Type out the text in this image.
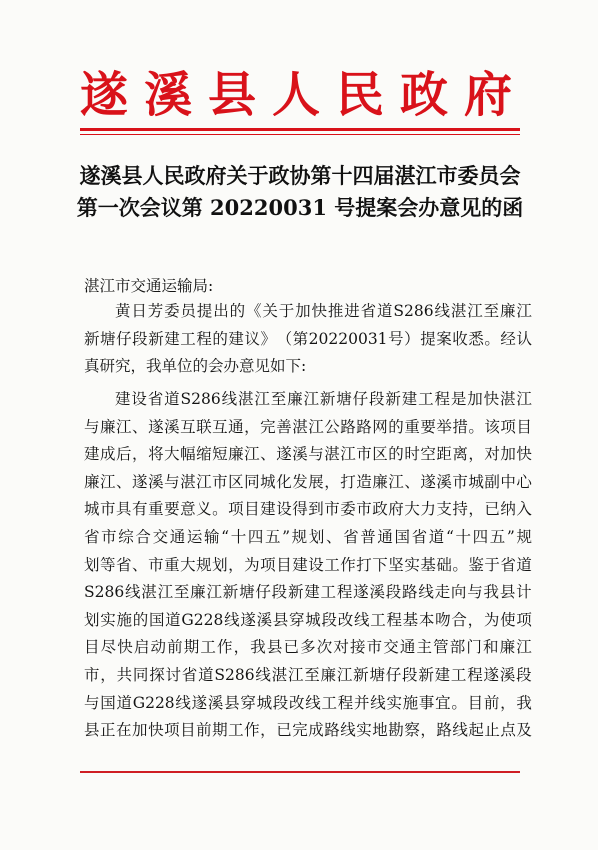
遂溪县人民政府
遂溪县人民政府关于政协第十四届湛江市委员会
第一次会议第 20220031 号提案会办意见的函
湛江市交通运输局:
黄 日 芳 委 员 提 出 的 《 关 于 加 快 推 进 省 道 S286 线 湛 江 至 廉 江
新 塘 仔 段 新 建 工 程 的 建 议 》 （ 第 20220031 号 ） 提 案 收 悉 。 经 认
真研究，我单位的会办意见如下:
建 设 省 道 S286 线 湛 江 至 廉 江 新 塘 仔 段 新 建 工 程 是 加 快 湛 江
与 廉 江 、 遂 溪 互 联 互 通 ， 完 善 湛 江 公 路 路 网 的 重 要 举 措 。 该 项 目
建 成 后 ， 将 大 幅 缩 短 廉 江 、 遂 溪 与 湛 江 市 区 的 时 空 距 离 ， 对 加 快
廉 江 、 遂 溪 与 湛 江 市 区 同 城 化 发 展 ， 打 造 廉 江 、 遂 溪 市 城 副 中 心
城 市 具 有 重 要 意 义 。 项 目 建 设 得 到 市 委 市 政 府 大 力 支 持 ， 已 纳 入
省 市 综 合 交 通 运 输 “ 十 四 五 ” 规 划 、 省 普 通 国 省 道 “ 十 四 五 ” 规
划 等 省 、 市 重 大 规 划 ， 为 项 目 建 设 工 作 打 下 坚 实 基 础 。 鉴 于 省 道
S286 线 湛 江 至 廉 江 新 塘 仔 段 新 建 工 程 遂 溪 段 路 线 走 向 与 我 县 计
划 实 施 的 国 道 G228 线 遂 溪 县 穿 城 段 改 线 工 程 基 本 吻 合 ， 为 使 项
目 尽 快 启 动 前 期 工 作 ， 我 县 已 多 次 对 接 市 交 通 主 管 部 门 和 廉 江
市 ， 共 同 探 讨 省 道 S286 线 湛 江 至 廉 江 新 塘 仔 段 新 建 工 程 遂 溪 段
与 国 道 G228 线 遂 溪 县 穿 城 段 改 线 工 程 并 线 实 施 事 宜 。 目 前 ， 我
县 正 在 加 快 项 目 前 期 工 作 ， 已 完 成 路 线 实 地 勘 察 ， 路 线 起 止 点 及
